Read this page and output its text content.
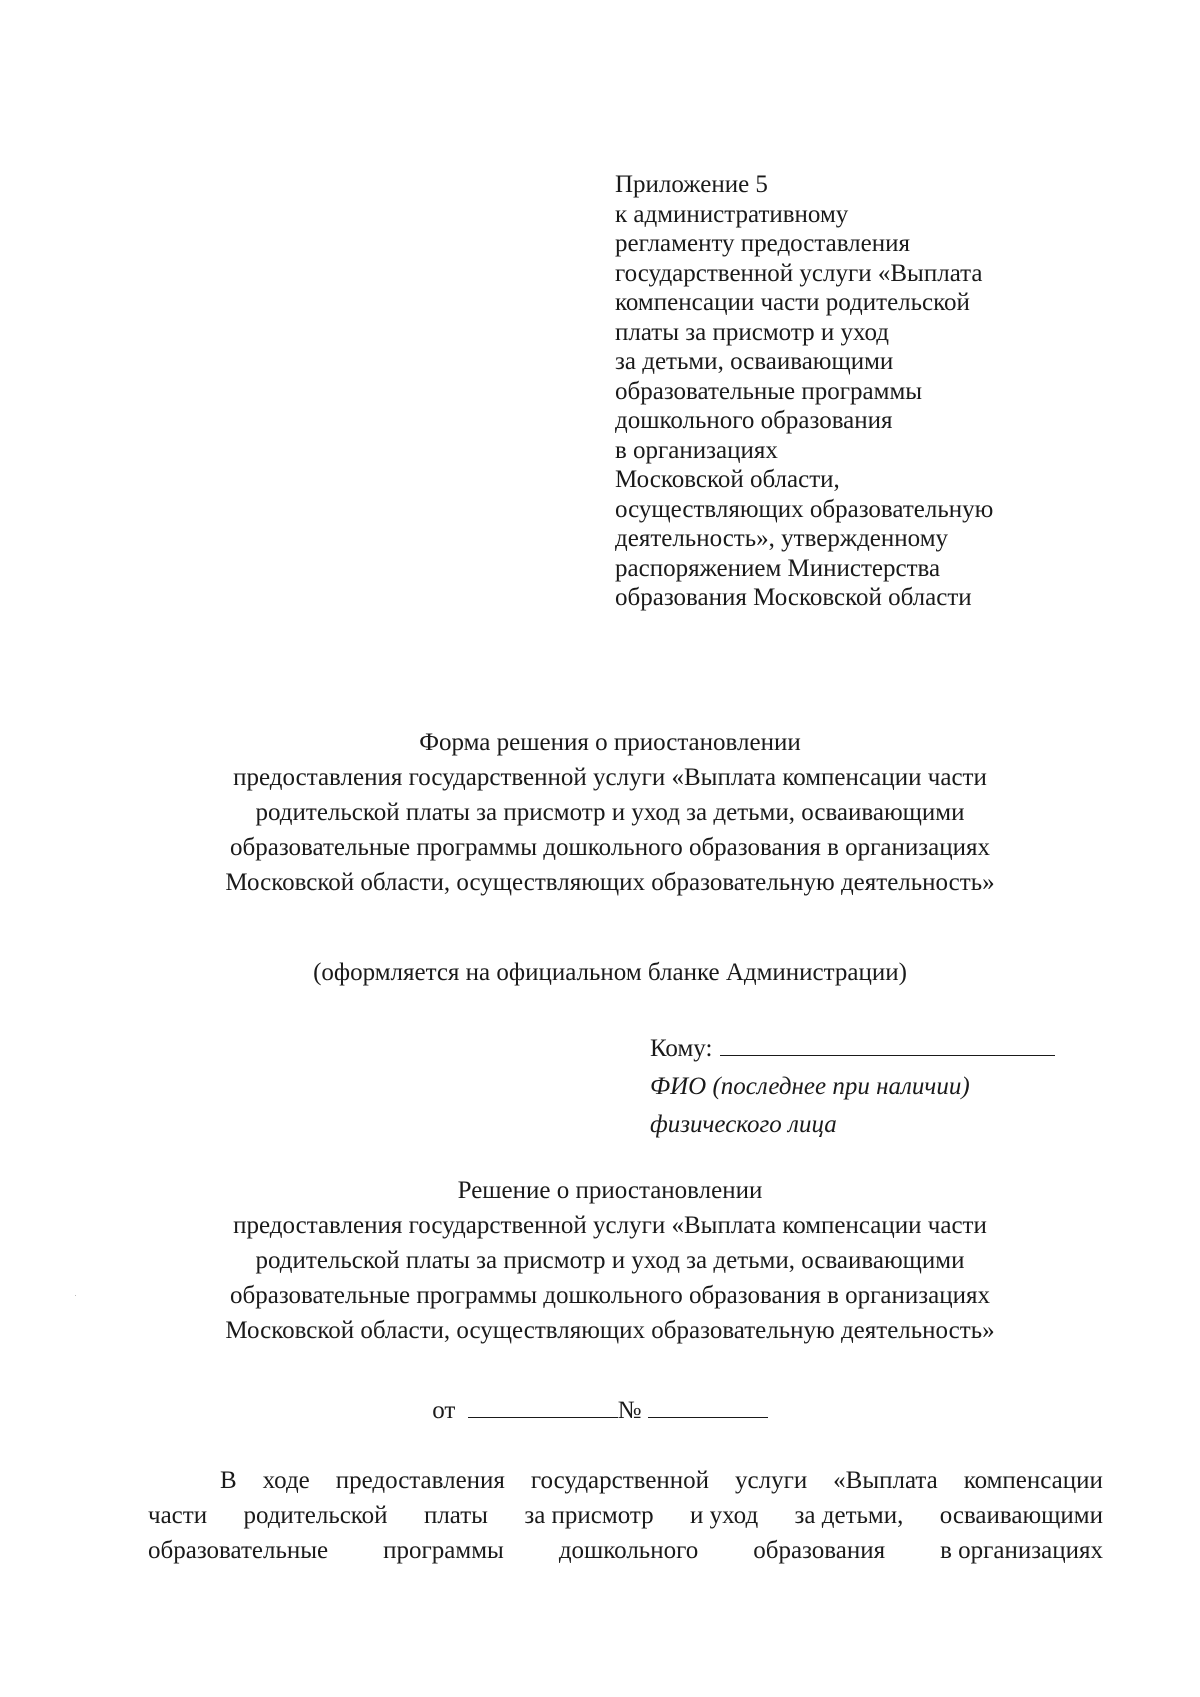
Приложение 5
к административному
регламенту предоставления
государственной услуги «Выплата
компенсации части родительской
платы за присмотр и уход
за детьми, осваивающими
образовательные программы
дошкольного образования
в организациях
Московской области,
осуществляющих образовательную
деятельность», утвержденному
распоряжением Министерства
образования Московской области
Форма решения о приостановлении
предоставления государственной услуги «Выплата компенсации части
родительской платы за присмотр и уход за детьми, осваивающими
образовательные программы дошкольного образования в организациях
Московской области, осуществляющих образовательную деятельность»
(оформляется на официальном бланке Администрации)
Кому:
ФИО (последнее при наличии)
физического лица
Решение о приостановлении
предоставления государственной услуги «Выплата компенсации части
родительской платы за присмотр и уход за детьми, осваивающими
образовательные программы дошкольного образования в организациях
Московской области, осуществляющих образовательную деятельность»
от	№
В ходе предоставления государственной услуги «Выплата компенсации
части родительской платы за присмотр и уход за детьми, осваивающими
образовательные программы дошкольного образования в организациях
